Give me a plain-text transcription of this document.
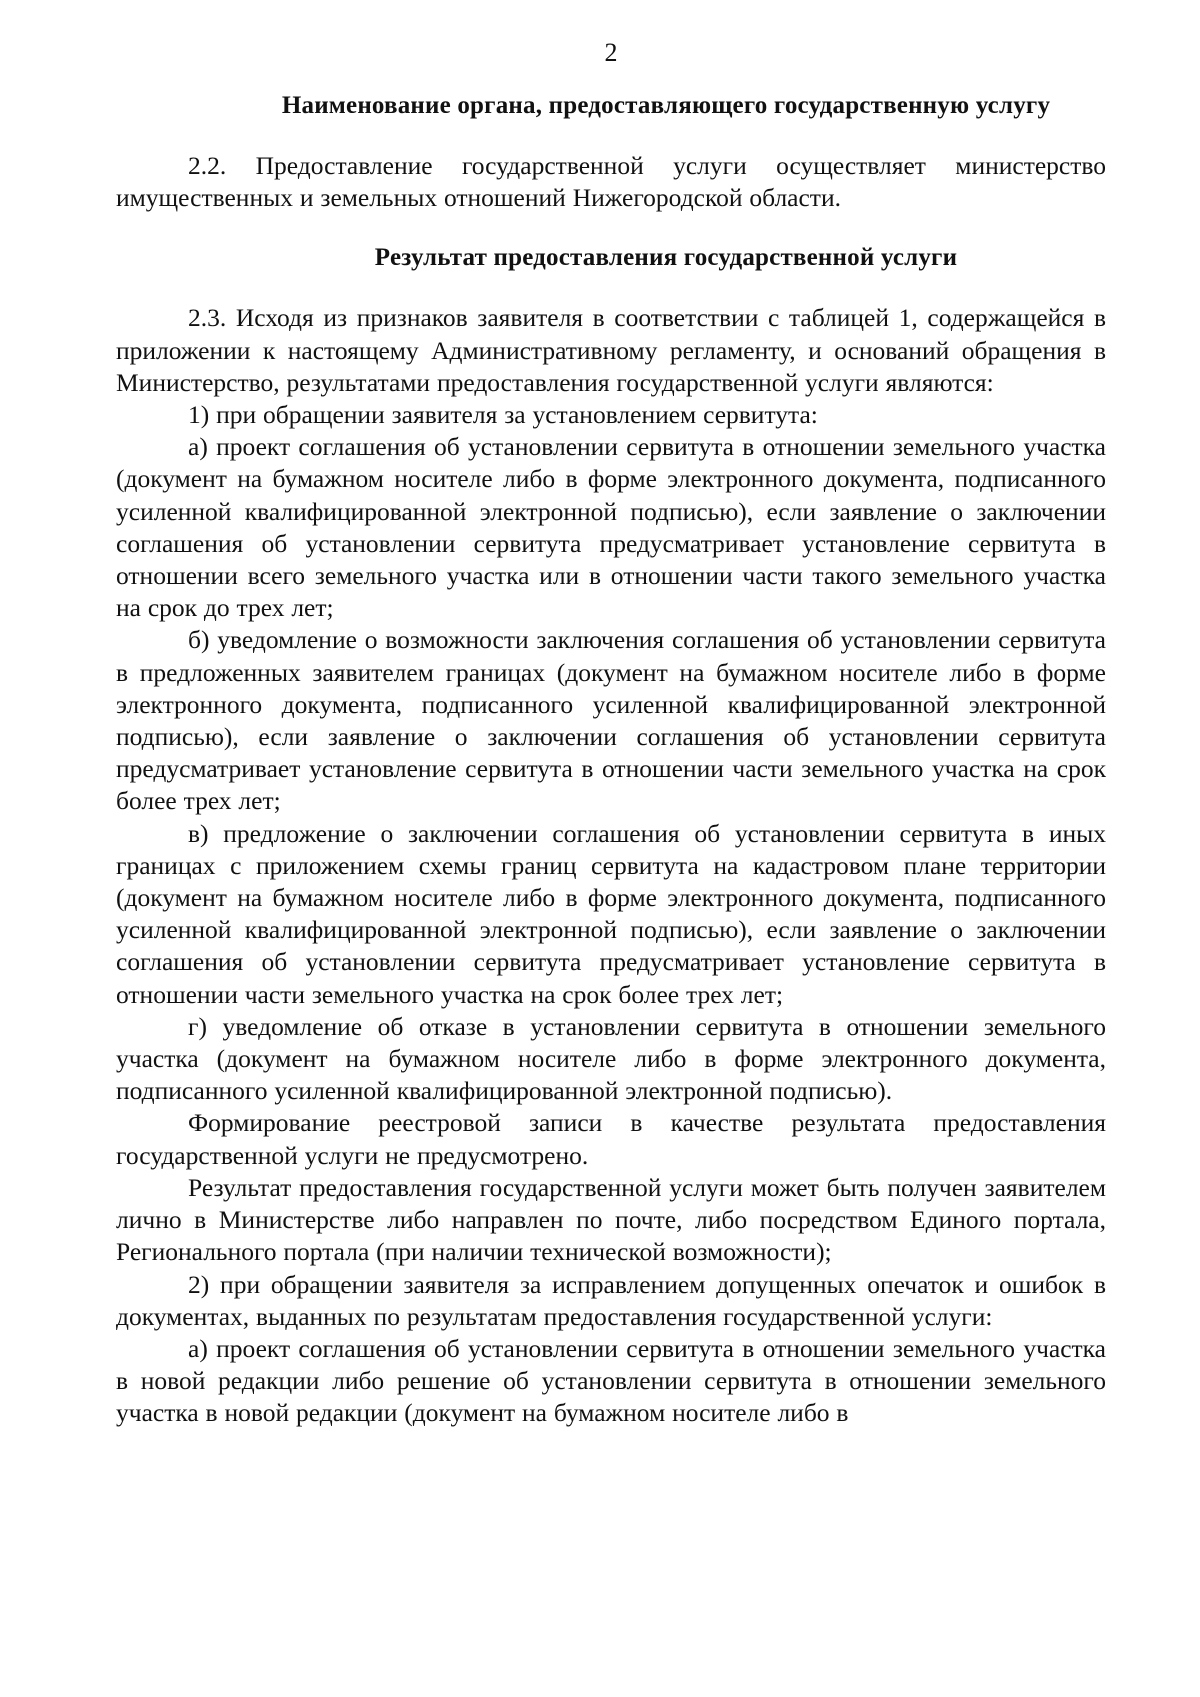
2
Наименование органа, предоставляющего государственную услугу

2.2. Предоставление государственной услуги осуществляет министерство имущественных и земельных отношений Нижегородской области.

Результат предоставления государственной услуги

2.3. Исходя из признаков заявителя в соответствии с таблицей 1, содержащейся в приложении к настоящему Административному регламенту, и оснований обращения в Министерство, результатами предоставления государственной услуги являются:

1) при обращении заявителя за установлением сервитута:

а) проект соглашения об установлении сервитута в отношении земельного участка (документ на бумажном носителе либо в форме электронного документа, подписанного усиленной квалифицированной электронной подписью), если заявление о заключении соглашения об установлении сервитута предусматривает установление сервитута в отношении всего земельного участка или в отношении части такого земельного участка на срок до трех лет;

б) уведомление о возможности заключения соглашения об установлении сервитута в предложенных заявителем границах (документ на бумажном носителе либо в форме электронного документа, подписанного усиленной квалифицированной электронной подписью), если заявление о заключении соглашения об установлении сервитута предусматривает установление сервитута в отношении части земельного участка на срок более трех лет;

в) предложение о заключении соглашения об установлении сервитута в иных границах с приложением схемы границ сервитута на кадастровом плане территории (документ на бумажном носителе либо в форме электронного документа, подписанного усиленной квалифицированной электронной подписью), если заявление о заключении соглашения об установлении сервитута предусматривает установление сервитута в отношении части земельного участка на срок более трех лет;

г) уведомление об отказе в установлении сервитута в отношении земельного участка (документ на бумажном носителе либо в форме электронного документа, подписанного усиленной квалифицированной электронной подписью).

Формирование реестровой записи в качестве результата предоставления государственной услуги не предусмотрено.

Результат предоставления государственной услуги может быть получен заявителем лично в Министерстве либо направлен по почте, либо посредством Единого портала, Регионального портала (при наличии технической возможности);

2) при обращении заявителя за исправлением допущенных опечаток и ошибок в документах, выданных по результатам предоставления государственной услуги:

а) проект соглашения об установлении сервитута в отношении земельного участка в новой редакции либо решение об установлении сервитута в отношении земельного участка в новой редакции (документ на бумажном носителе либо в
